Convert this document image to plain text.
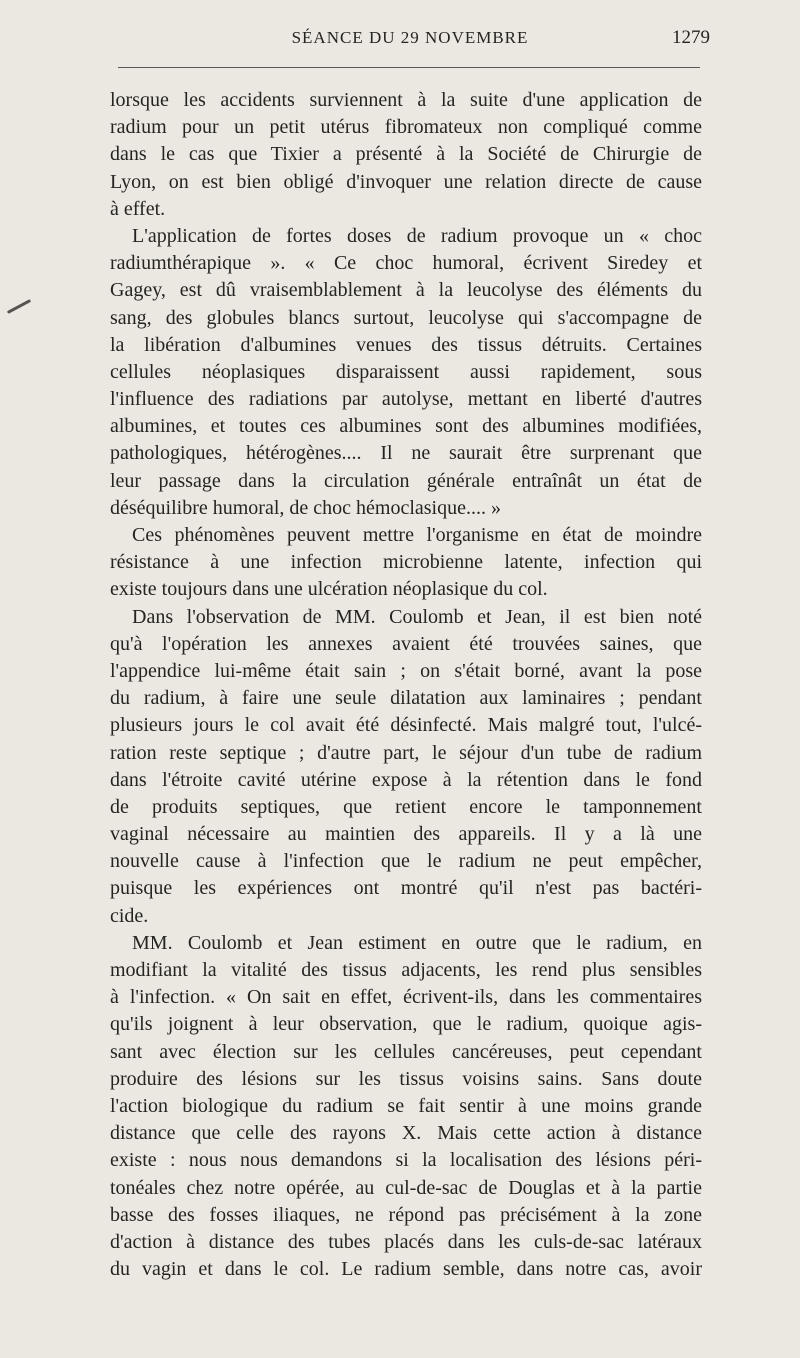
SÉANCE DU 29 NOVEMBRE	1279
lorsque les accidents surviennent à la suite d'une application de
radium pour un petit utérus fibromateux non compliqué comme
dans le cas que Tixier a présenté à la Société de Chirurgie de
Lyon, on est bien obligé d'invoquer une relation directe de cause
à effet.
L'application de fortes doses de radium provoque un « choc
radiumthérapique ». « Ce choc humoral, écrivent Siredey et
Gagey, est dû vraisemblablement à la leucolyse des éléments du
sang, des globules blancs surtout, leucolyse qui s'accompagne de
la libération d'albumines venues des tissus détruits. Certaines
cellules néoplasiques disparaissent aussi rapidement, sous
l'influence des radiations par autolyse, mettant en liberté d'autres
albumines, et toutes ces albumines sont des albumines modifiées,
pathologiques, hétérogènes.... Il ne saurait être surprenant que
leur passage dans la circulation générale entraînât un état de
déséquilibre humoral, de choc hémoclasique.... »
Ces phénomènes peuvent mettre l'organisme en état de moindre
résistance à une infection microbienne latente, infection qui
existe toujours dans une ulcération néoplasique du col.
Dans l'observation de MM. Coulomb et Jean, il est bien noté
qu'à l'opération les annexes avaient été trouvées saines, que
l'appendice lui-même était sain ; on s'était borné, avant la pose
du radium, à faire une seule dilatation aux laminaires ; pendant
plusieurs jours le col avait été désinfecté. Mais malgré tout, l'ulcé-
ration reste septique ; d'autre part, le séjour d'un tube de radium
dans l'étroite cavité utérine expose à la rétention dans le fond
de produits septiques, que retient encore le tamponnement
vaginal nécessaire au maintien des appareils. Il y a là une
nouvelle cause à l'infection que le radium ne peut empêcher,
puisque les expériences ont montré qu'il n'est pas bactéri-
cide.
MM. Coulomb et Jean estiment en outre que le radium, en
modifiant la vitalité des tissus adjacents, les rend plus sensibles
à l'infection. « On sait en effet, écrivent-ils, dans les commentaires
qu'ils joignent à leur observation, que le radium, quoique agis-
sant avec élection sur les cellules cancéreuses, peut cependant
produire des lésions sur les tissus voisins sains. Sans doute
l'action biologique du radium se fait sentir à une moins grande
distance que celle des rayons X. Mais cette action à distance
existe : nous nous demandons si la localisation des lésions péri-
tonéales chez notre opérée, au cul-de-sac de Douglas et à la partie
basse des fosses iliaques, ne répond pas précisément à la zone
d'action à distance des tubes placés dans les culs-de-sac latéraux
du vagin et dans le col. Le radium semble, dans notre cas, avoir
